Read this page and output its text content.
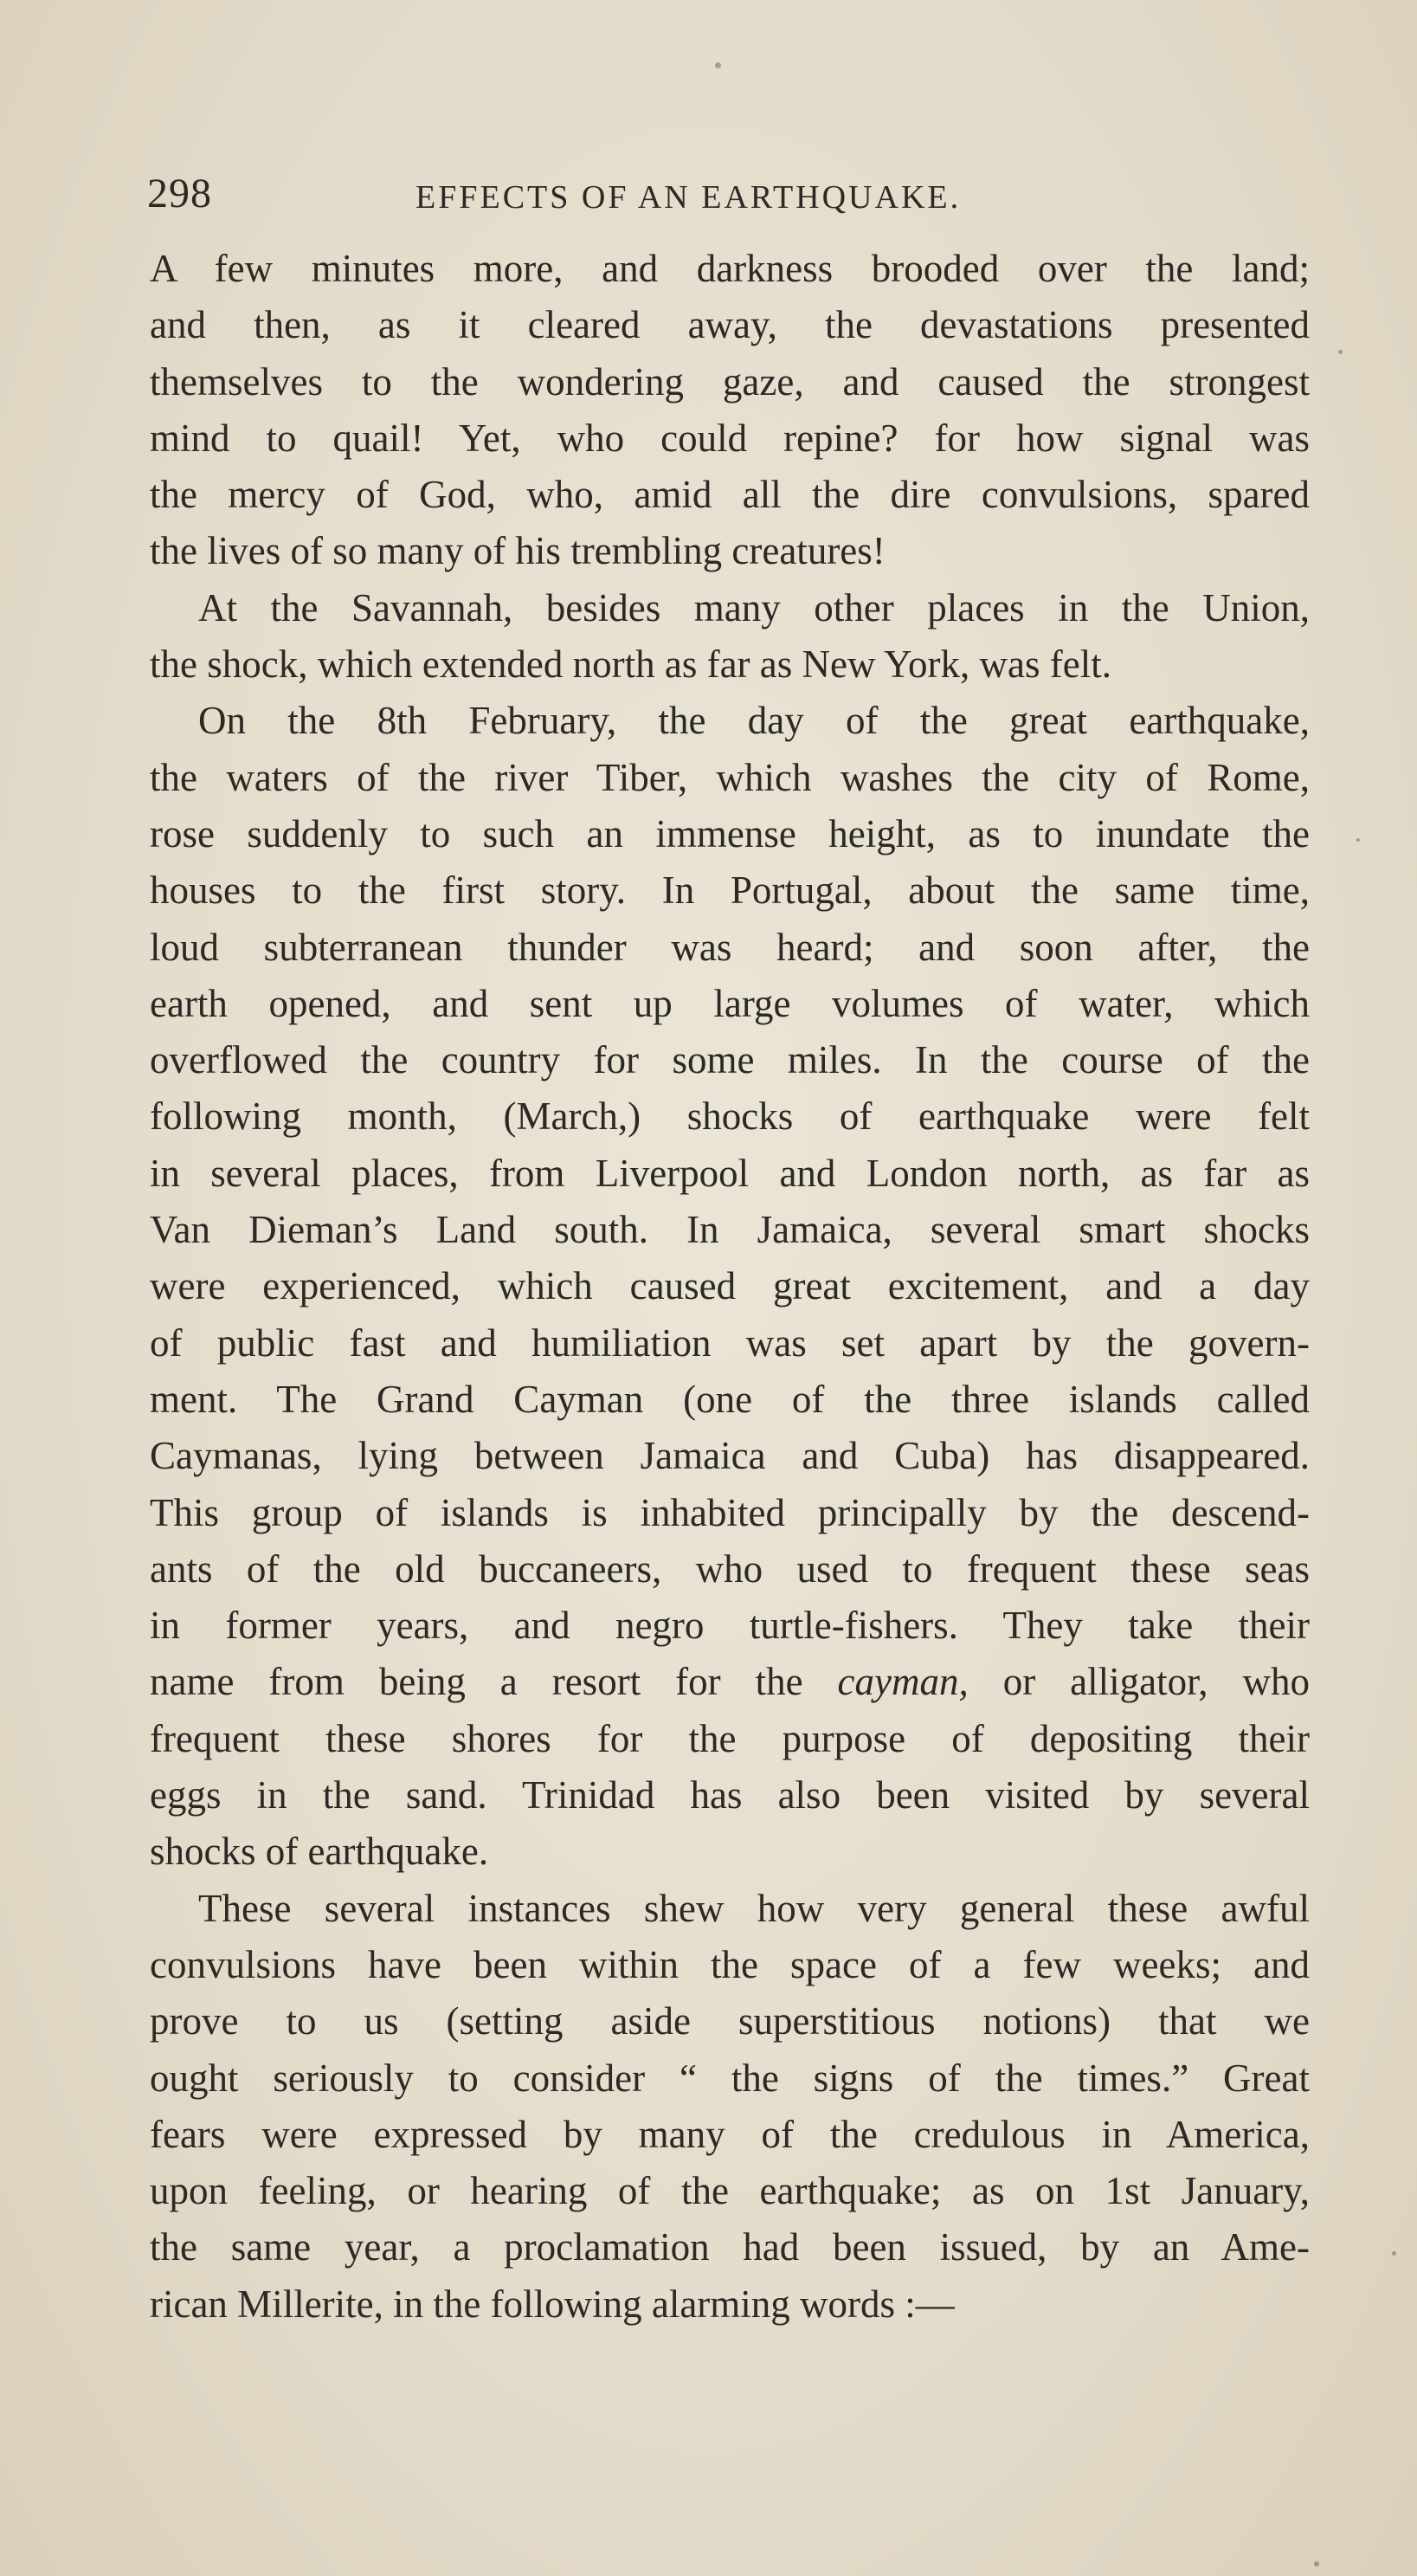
298	EFFECTS OF AN EARTHQUAKE.
A few minutes more, and darkness brooded over the land;
and then, as it cleared away, the devastations presented
themselves to the wondering gaze, and caused the strongest
mind to quail! Yet, who could repine? for how signal was
the mercy of God, who, amid all the dire convulsions, spared
the lives of so many of his trembling creatures!
At the Savannah, besides many other places in the Union,
the shock, which extended north as far as New York, was felt.
On the 8th February, the day of the great earthquake,
the waters of the river Tiber, which washes the city of Rome,
rose suddenly to such an immense height, as to inundate the
houses to the first story. In Portugal, about the same time,
loud subterranean thunder was heard; and soon after, the
earth opened, and sent up large volumes of water, which
overflowed the country for some miles. In the course of the
following month, (March,) shocks of earthquake were felt
in several places, from Liverpool and London north, as far as
Van Dieman’s Land south. In Jamaica, several smart shocks
were experienced, which caused great excitement, and a day
of public fast and humiliation was set apart by the govern-
ment. The Grand Cayman (one of the three islands called
Caymanas, lying between Jamaica and Cuba) has disappeared.
This group of islands is inhabited principally by the descend-
ants of the old buccaneers, who used to frequent these seas
in former years, and negro turtle-fishers. They take their
name from being a resort for the cayman, or alligator, who
frequent these shores for the purpose of depositing their
eggs in the sand. Trinidad has also been visited by several
shocks of earthquake.
These several instances shew how very general these awful
convulsions have been within the space of a few weeks; and
prove to us (setting aside superstitious notions) that we
ought seriously to consider “ the signs of the times.” Great
fears were expressed by many of the credulous in America,
upon feeling, or hearing of the earthquake; as on 1st January,
the same year, a proclamation had been issued, by an Ame-
rican Millerite, in the following alarming words :—
